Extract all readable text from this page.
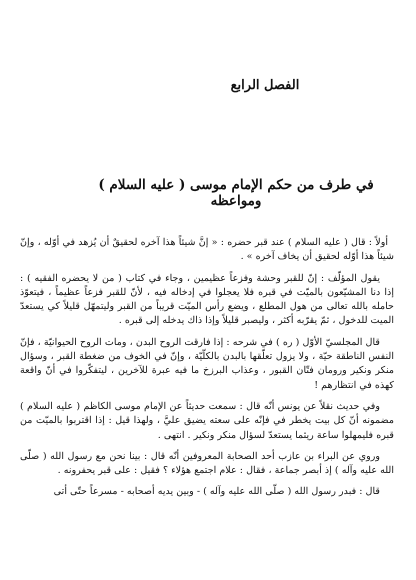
الفصل الرابع
في طرف من حكم الإمام موسى ( عليه السلام ) ومواعظه

أولاً : قال ( عليه السلام ) عند قبر حضره : « إنَّ شيئاً هذا آخره لحقيقٌ أن يُزهد في أوّله ، وإنّ شيئاً هذا أوّله لحقيق أن يخاف آخره » .

يقول المؤلّف : إنّ للقبر وحشة وفزعاً عظيمين ، وجاء في كتاب ( من لا يحضره الفقيه ) : إذا دنا المشيّعون بالميّت في قبره فلا يعجلوا في إدخاله فيه ، لأنّ للقبر فزعاً عظيماً ، فيتعوّذ حامله بالله تعالى من هول المطلع ، ويضع رأس الميّت قريباً من القبر وليتمهّل قليلاً كي يستعدّ الميت للدخول ، ثمّ يقرّبه أكثر ، وليصبر قليلاً وإذا ذاك يدخله إلى قبره .

قال المجلسيّ الأوّل ( ره ) في شرحه : إذا فارقت الروح البدن ، ومات الروح الحيوانيّة ، فإنّ النفس الناطقة حيّة ، ولا يزول تعلّقها بالبدن بالكلّيّة ، وإنّ في الخوف من ضغطة القبر ، وسؤال منكر ونكير ورومان فتّان القبور ، وعذاب البرزخ ما فيه عبرة للآخرين ، ليتفكّروا في أنّ واقعة كهذه في انتظارهم !

وفي حديث نقلاً عن يونس أنّه قال : سمعت حديثاً عن الإمام موسى الكاظم ( عليه السلام ) مضمونه أنّ كل بيت يخطر في فإنّه على سعته يضيق عليَّ ، ولهذا قيل : إذا اقتربوا بالميّت من قبره فليمهلوا ساعة ريثما يستعدّ لسؤال منكر ونكير . انتهى .

وروي عن البراء بن عازب أحد الصحابة المعروفين أنّه قال : بينا نحن مع رسول الله ( صلّى الله عليه وآله ) إذ أبصر جماعة ، فقال : علام اجتمع هؤلاء ؟ فقيل : على قبر يحفرونه .

قال : فبدر رسول الله ( صلّى الله عليه وآله ) - وبين يديه أصحابه - مسرعاً حتّى أتى
